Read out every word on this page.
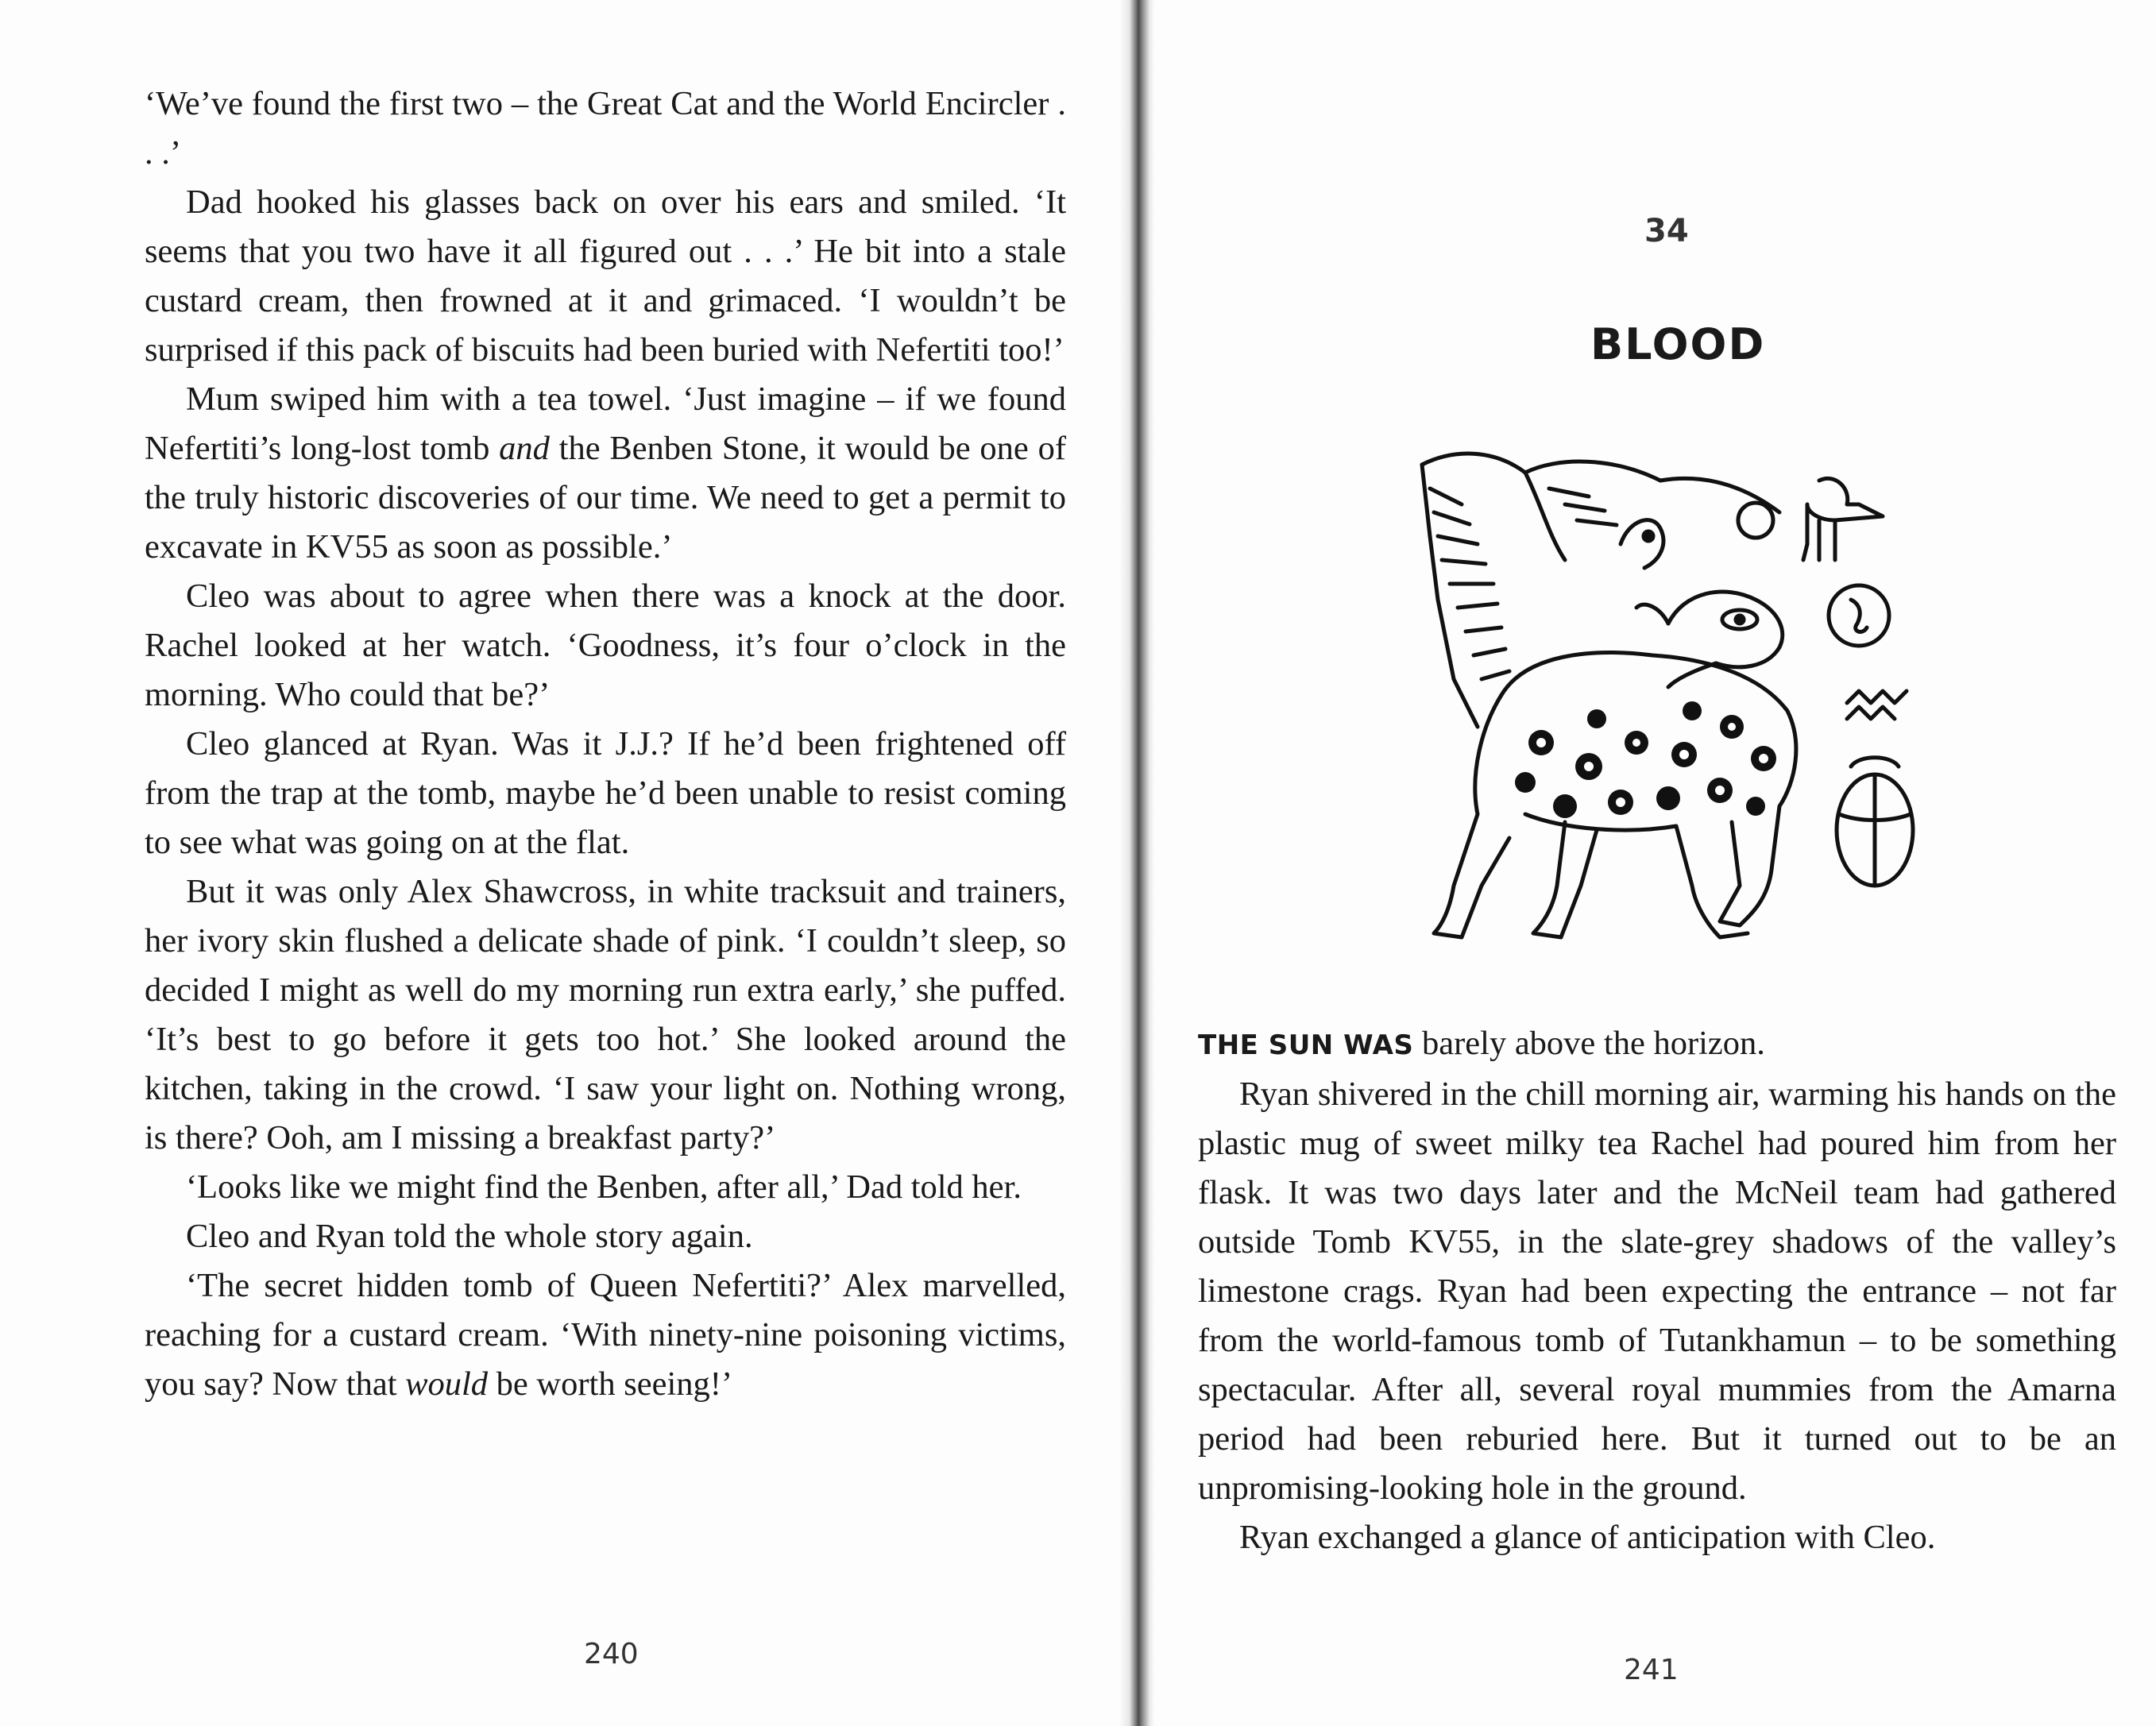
‘We’ve found the first two – the Great Cat and the World Encircler . . .’

Dad hooked his glasses back on over his ears and smiled. ‘It seems that you two have it all figured out . . .’ He bit into a stale custard cream, then frowned at it and grimaced. ‘I wouldn’t be surprised if this pack of biscuits had been buried with Nefertiti too!’

Mum swiped him with a tea towel. ‘Just imagine – if we found Nefertiti’s long-lost tomb and the Benben Stone, it would be one of the truly historic discoveries of our time. We need to get a permit to excavate in KV55 as soon as possible.’

Cleo was about to agree when there was a knock at the door. Rachel looked at her watch. ‘Goodness, it’s four o’clock in the morning. Who could that be?’

Cleo glanced at Ryan. Was it J.J.? If he’d been frightened off from the trap at the tomb, maybe he’d been unable to resist coming to see what was going on at the flat.

But it was only Alex Shawcross, in white tracksuit and trainers, her ivory skin flushed a delicate shade of pink. ‘I couldn’t sleep, so decided I might as well do my morning run extra early,’ she puffed. ‘It’s best to go before it gets too hot.’ She looked around the kitchen, taking in the crowd. ‘I saw your light on. Nothing wrong, is there? Ooh, am I missing a breakfast party?’

‘Looks like we might find the Benben, after all,’ Dad told her.

Cleo and Ryan told the whole story again.

‘The secret hidden tomb of Queen Nefertiti?’ Alex marvelled, reaching for a custard cream. ‘With ninety-nine poisoning victims, you say? Now that would be worth seeing!’

240
34
BLOOD

THE SUN WAS barely above the horizon.

Ryan shivered in the chill morning air, warming his hands on the plastic mug of sweet milky tea Rachel had poured him from her flask. It was two days later and the McNeil team had gathered outside Tomb KV55, in the slate-grey shadows of the valley’s limestone crags. Ryan had been expecting the entrance – not far from the world-famous tomb of Tutankhamun – to be something spectacular. After all, several royal mummies from the Amarna period had been reburied here. But it turned out to be an unpromising-looking hole in the ground.

Ryan exchanged a glance of anticipation with Cleo.

241
